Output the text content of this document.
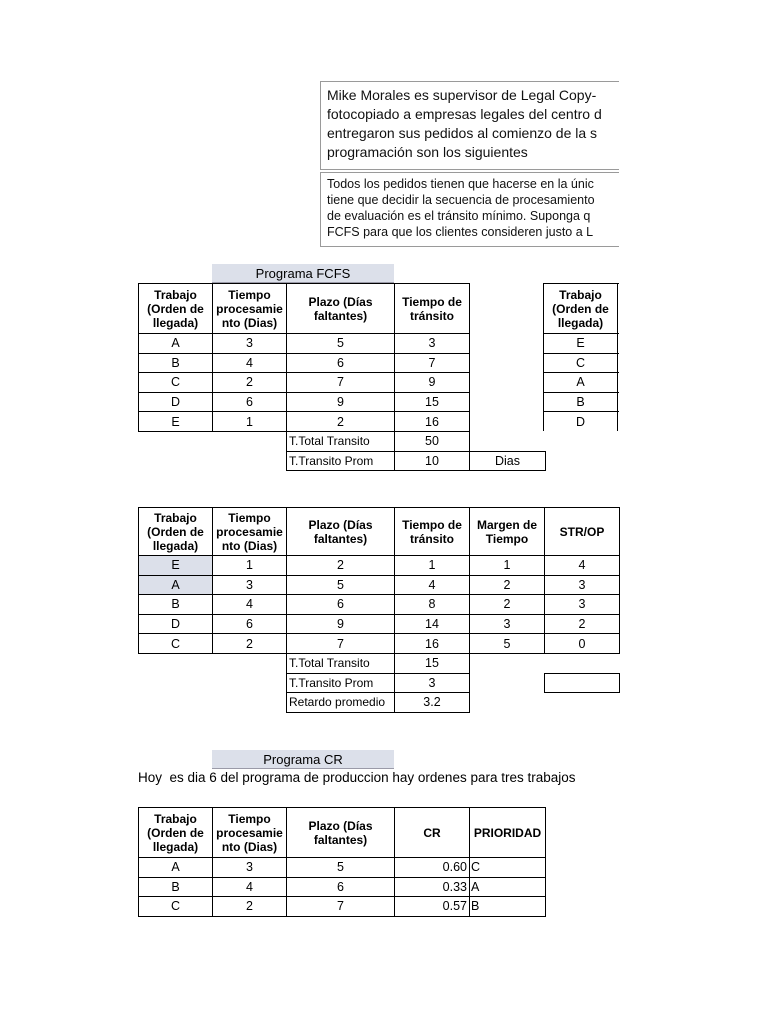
Mike Morales es supervisor de Legal Copy-
fotocopiado a empresas legales del centro d
entregaron sus pedidos al comienzo de la s
programación son los siguientes
Todos los pedidos tienen que hacerse en la únic
tiene que decidir la secuencia de procesamiento
de evaluación es el tránsito mínimo. Suponga q
FCFS para que los clientes consideren justo a L
Programa FCFS
Trabajo (Orden de llegada)	Tiempo procesamie nto (Dias)	Plazo (Días faltantes)	Tiempo de tránsito	
A	3	5	3	
B	4	6	7	
C	2	7	9	
D	6	9	15	
E	1	2	16	
		T.Total Transito	50	
		T.Transito Prom	10	Dias
Trabajo (Orden de llegada)	
E	
C	
A	
B	
D	
Trabajo (Orden de llegada)	Tiempo procesamie nto (Dias)	Plazo (Días faltantes)	Tiempo de tránsito	Margen de Tiempo	STR/OP
E	1	2	1	1	4
A	3	5	4	2	3
B	4	6	8	2	3
D	6	9	14	3	2
C	2	7	16	5	0
		T.Total Transito	15		
		T.Transito Prom	3		
		Retardo promedio	3.2		
Programa CR
Hoy  es dia 6 del programa de produccion hay ordenes para tres trabajos
Trabajo (Orden de llegada)	Tiempo procesamie nto (Dias)	Plazo (Días faltantes)	CR	PRIORIDAD
A	3	5	0.60	C
B	4	6	0.33	A
C	2	7	0.57	B
